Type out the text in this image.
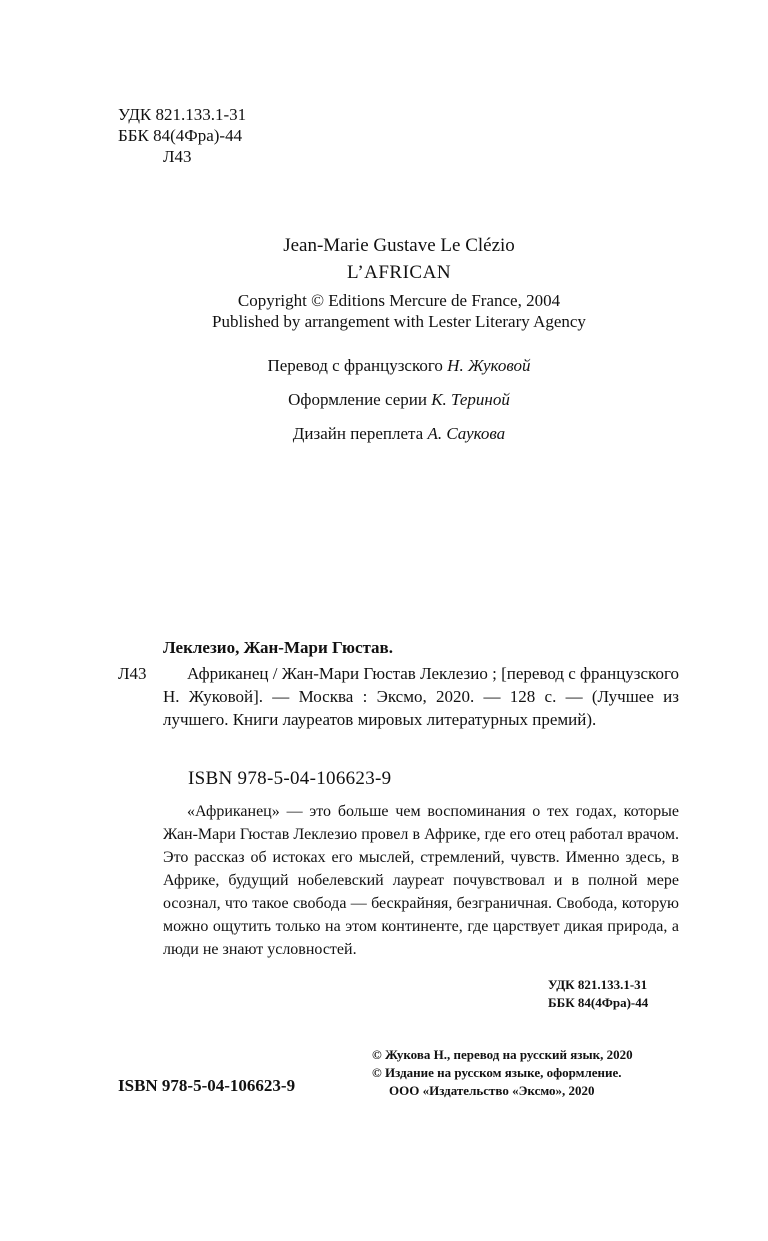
УДК 821.133.1-31
ББК 84(4Фра)-44
Л43
Jean-Marie Gustave Le Clézio
L’AFRICAN
Copyright © Editions Mercure de France, 2004
Published by arrangement with Lester Literary Agency
Перевод с французского Н. Жуковой
Оформление серии К. Териной
Дизайн переплета А. Саукова
Леклезио, Жан-Мари Гюстав.
Л43	Африканец / Жан-Мари Гюстав Леклезио ; [перевод с французского Н. Жуковой]. — Москва : Эксмо, 2020. — 128 с. — (Лучшее из лучшего. Книги лауреатов мировых литературных премий).
ISBN 978-5-04-106623-9
«Африканец» — это больше чем воспоминания о тех годах, которые Жан-Мари Гюстав Леклезио провел в Африке, где его отец работал врачом. Это рассказ об истоках его мыслей, стремлений, чувств. Именно здесь, в Африке, будущий нобелевский лауреат почувствовал и в полной мере осознал, что такое свобода — бескрайняя, безграничная. Свобода, которую можно ощутить только на этом континенте, где царствует дикая природа, а люди не знают условностей.
УДК 821.133.1-31
ББК 84(4Фра)-44
© Жукова Н., перевод на русский язык, 2020
© Издание на русском языке, оформление.
ООО «Издательство «Эксмо», 2020
ISBN 978-5-04-106623-9
